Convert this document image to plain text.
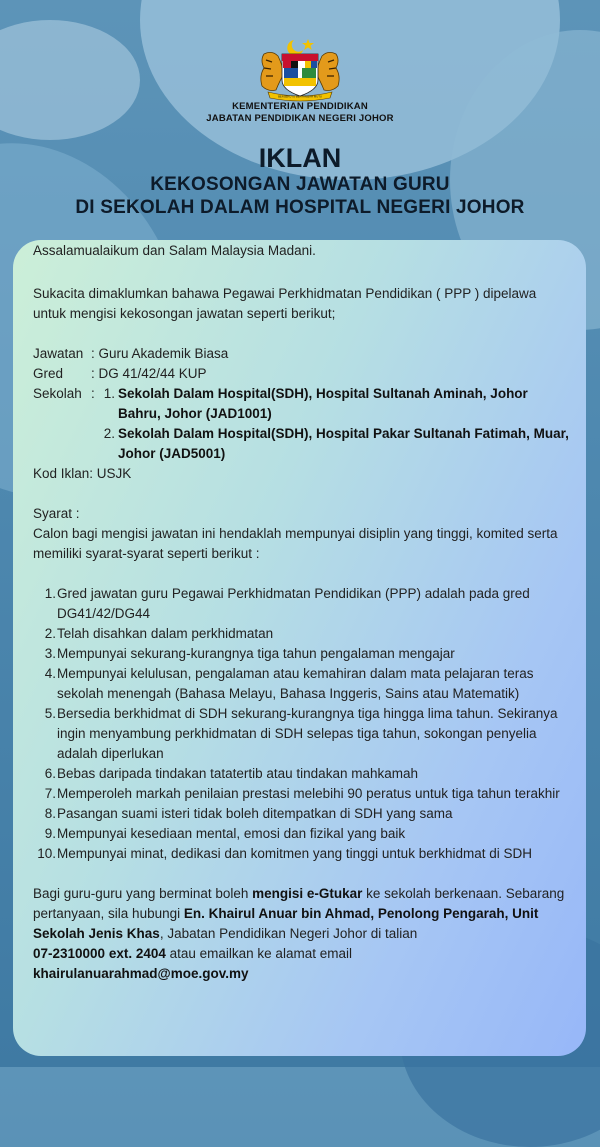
BERSEKUTU BERTAMBAH MUTU
KEMENTERIAN PENDIDIKAN
JABATAN PENDIDIKAN NEGERI JOHOR
IKLAN
KEKOSONGAN JAWATAN GURU
DI SEKOLAH DALAM HOSPITAL NEGERI JOHOR
Assalamualaikum dan Salam Malaysia Madani.

Sukacita dimaklumkan bahawa Pegawai Perkhidmatan Pendidikan ( PPP ) dipelawa untuk mengisi kekosongan jawatan seperti berikut;

Jawatan : Guru Akademik Biasa
Gred	: DG 41/42/44 KUP
Sekolah : 1. Sekolah Dalam Hospital(SDH), Hospital Sultanah Aminah, Johor Bahru, Johor (JAD1001)
2. Sekolah Dalam Hospital(SDH), Hospital Pakar Sultanah Fatimah, Muar, Johor (JAD5001)

Kod Iklan: USJK

Syarat :

Calon bagi mengisi jawatan ini hendaklah mempunyai disiplin yang tinggi, komited serta memiliki syarat-syarat seperti berikut :

1. Gred jawatan guru Pegawai Perkhidmatan Pendidikan (PPP) adalah pada gred DG41/42/DG44
2. Telah disahkan dalam perkhidmatan
3. Mempunyai sekurang-kurangnya tiga tahun pengalaman mengajar
4. Mempunyai kelulusan, pengalaman atau kemahiran dalam mata pelajaran teras sekolah menengah (Bahasa Melayu, Bahasa Inggeris, Sains atau Matematik)
5. Bersedia berkhidmat di SDH sekurang-kurangnya tiga hingga lima tahun. Sekiranya ingin menyambung perkhidmatan di SDH selepas tiga tahun, sokongan penyelia adalah diperlukan
6. Bebas daripada tindakan tatatertib atau tindakan mahkamah
7. Memperoleh markah penilaian prestasi melebihi 90 peratus untuk tiga tahun terakhir
8. Pasangan suami isteri tidak boleh ditempatkan di SDH yang sama
9. Mempunyai kesediaan mental, emosi dan fizikal yang baik
10. Mempunyai minat, dedikasi dan komitmen yang tinggi untuk berkhidmat di SDH

Bagi guru-guru yang berminat boleh mengisi e-Gtukar ke sekolah berkenaan. Sebarang pertanyaan, sila hubungi En. Khairul Anuar bin Ahmad, Penolong Pengarah, Unit Sekolah Jenis Khas, Jabatan Pendidikan Negeri Johor di talian
07-2310000 ext. 2404 atau emailkan ke alamat email
khairulanuarahmad@moe.gov.my
